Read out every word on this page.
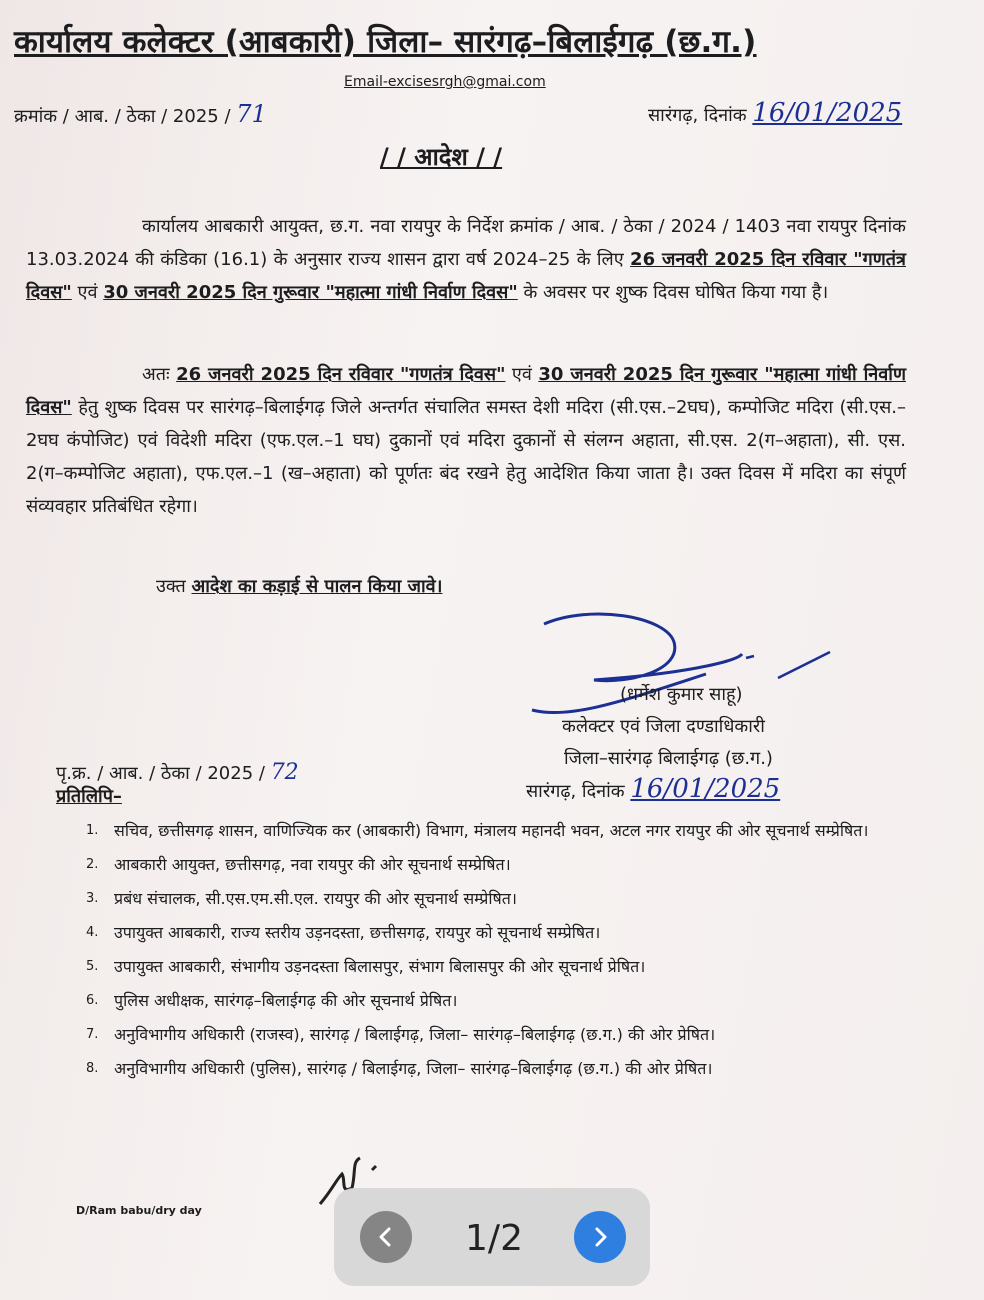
कार्यालय कलेक्टर (आबकारी) जिला– सारंगढ़–बिलाईगढ़ (छ.ग.)
Email-excisesrgh@gmai.com
क्रमांक / आब. / ठेका / 2025 / 71	सारंगढ़, दिनांक 16/01/2025
/ / आदेश / /
कार्यालय आबकारी आयुक्त, छ.ग. नवा रायपुर के निर्देश क्रमांक / आब. / ठेका / 2024 / 1403 नवा रायपुर दिनांक 13.03.2024 की कंडिका (16.1) के अनुसार राज्य शासन द्वारा वर्ष 2024–25 के लिए 26 जनवरी 2025 दिन रविवार "गणतंत्र दिवस" एवं 30 जनवरी 2025 दिन गुरूवार "महात्मा गांधी निर्वाण दिवस" के अवसर पर शुष्क दिवस घोषित किया गया है।
अतः 26 जनवरी 2025 दिन रविवार "गणतंत्र दिवस" एवं 30 जनवरी 2025 दिन गुरूवार "महात्मा गांधी निर्वाण दिवस" हेतु शुष्क दिवस पर सारंगढ़–बिलाईगढ़ जिले अन्तर्गत संचालित समस्त देशी मदिरा (सी.एस.–2घघ), कम्पोजिट मदिरा (सी.एस.–2घघ कंपोजिट) एवं विदेशी मदिरा (एफ.एल.–1 घघ) दुकानों एवं मदिरा दुकानों से संलग्न अहाता, सी.एस. 2(ग–अहाता), सी. एस. 2(ग–कम्पोजिट अहाता), एफ.एल.–1 (ख–अहाता) को पूर्णतः बंद रखने हेतु आदेशित किया जाता है। उक्त दिवस में मदिरा का संपूर्ण संव्यवहार प्रतिबंधित रहेगा।
उक्त आदेश का कड़ाई से पालन किया जावे।
(धर्मेश कुमार साहू)
कलेक्टर एवं जिला दण्डाधिकारी
जिला–सारंगढ़ बिलाईगढ़ (छ.ग.)
सारंगढ़, दिनांक 16/01/2025
पृ.क्र. / आब. / ठेका / 2025 / 72
प्रतिलिपि–
1. सचिव, छत्तीसगढ़ शासन, वाणिज्यिक कर (आबकारी) विभाग, मंत्रालय महानदी भवन, अटल नगर रायपुर की ओर सूचनार्थ सम्प्रेषित।
2. आबकारी आयुक्त, छत्तीसगढ़, नवा रायपुर की ओर सूचनार्थ सम्प्रेषित।
3. प्रबंध संचालक, सी.एस.एम.सी.एल. रायपुर की ओर सूचनार्थ सम्प्रेषित।
4. उपायुक्त आबकारी, राज्य स्तरीय उड़नदस्ता, छत्तीसगढ़, रायपुर को सूचनार्थ सम्प्रेषित।
5. उपायुक्त आबकारी, संभागीय उड़नदस्ता बिलासपुर, संभाग बिलासपुर की ओर सूचनार्थ प्रेषित।
6. पुलिस अधीक्षक, सारंगढ़–बिलाईगढ़ की ओर सूचनार्थ प्रेषित।
7. अनुविभागीय अधिकारी (राजस्व), सारंगढ़ / बिलाईगढ़, जिला– सारंगढ़–बिलाईगढ़ (छ.ग.) की ओर प्रेषित।
8. अनुविभागीय अधिकारी (पुलिस), सारंगढ़ / बिलाईगढ़, जिला– सारंगढ़–बिलाईगढ़ (छ.ग.) की ओर प्रेषित।
D/Ram babu/dry day
1/2
